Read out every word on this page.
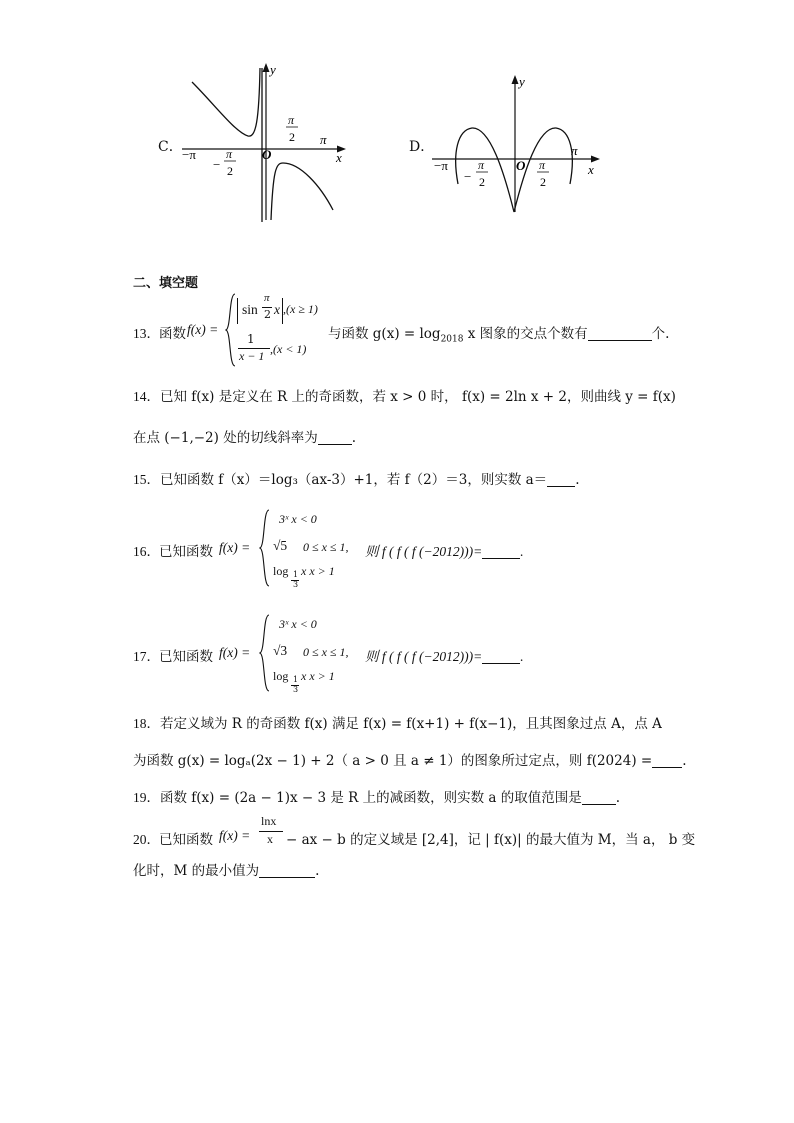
C． −π
−
π
2
O
π
2 π
x
y
D．
−π
−
π
2
O π
2
π
x
y
二、填空题
13． 函数 f(x) =
sin
π
2 x ,(x ≥ 1)
1
x − 1 ,(x < 1)
与函数 $g(x) = \log_{2018} x$ 图象的交点个数有	个.
14．已知 f(x) 是定义在 R 上的奇函数，若 x > 0 时， f(x) = 2ln x + 2，则曲线 y = f(x)
在点 (−1,−2) 处的切线斜率为	.
15．已知函数 f（x）＝log₃（ax-3）+1，若 f（2）＝3，则实数 a＝ .
16． 已知函数 f(x) =
3ˣ x < 0
√5 0 ≤ x ≤ 1,
log 1
3
x x > 1
则 f ( f ( f (−2012)))=	.
17． 已知函数 f(x) =
3ˣ x < 0
√3 0 ≤ x ≤ 1,
log 1
3
x x > 1
则 f ( f ( f (−2012)))=	.
18．若定义域为 R 的奇函数 f(x) 满足 f(x) = f(x+1) + f(x−1)，且其图象过点 A，点 A
为函数 g(x) = logₐ(2x − 1) + 2（ a > 0 且 a ≠ 1）的图象所过定点，则 f(2024) = .
19．函数 f(x) = (2a − 1)x − 3 是 R 上的减函数，则实数 a 的取值范围是	.
20． 已知函数 f(x) =
lnx
x − ax − b 的定义域是 [2,4]，记 | f(x)| 的最大值为 M，当 a， b 变
化时，M 的最小值为	.
